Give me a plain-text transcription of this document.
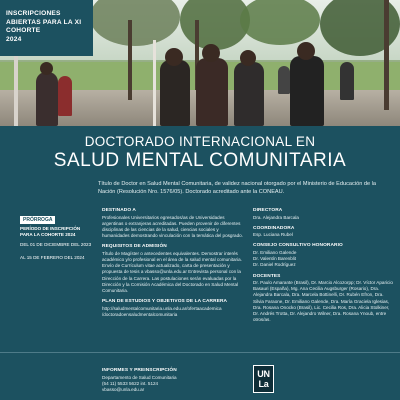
INSCRIPCIONES
ABIERTAS PARA LA XI COHORTE
2024
DOCTORADO INTERNACIONAL EN
SALUD MENTAL COMUNITARIA
Título de Doctor en Salud Mental Comunitaria, de validez nacional otorgado por el Ministerio de Educación de la Nación (Resolución Nro. 1576/05). Doctorado acreditado ante la CONEAU.
PRÓRROGA
PERÍODO DE INSCRIPCIÓN PARA LA COHORTE 2024
DEL 01 DE DICIEMBRE DEL 2023
AL 15 DE FEBRERO DEL 2024
DESTINADO A
Profesionales Universitarios egresados/as de Universidades argentinas o extranjeras acreditadas. Pueden provenir de diferentes disciplinas de las ciencias de la salud, ciencias sociales y humanidades demostrando vinculación con la temática del posgrado.
REQUISITOS DE ADMISIÓN
Título de Magíster o antecedentes equivalentes. Demostrar interés académico y/o profesional en el área de la salud mental comunitaria. Envío de Currículum vitae actualizado, carta de presentación y propuesta de tesis a vbasso@unla.edu.ar Entrevista personal con la Dirección de la Carrera. Las postulaciones serán evaluadas por la Dirección y la Comisión Académica del Doctorado en Salud Mental Comunitaria.
PLAN DE ESTUDIOS Y OBJETIVOS DE LA CARRERA
http://saludmentalcomunitaria.unla.edu.ar/ofertaacademica /doctoradoensaludmentalcomunitaria
DIRECTORA
Dra. Alejandra Barcala
COORDINADORA
Esp. Luciana Rubel
CONSEJO CONSULTIVO HONORARIO
Dr. Emiliano Galende
Dr. Valentín Barenblit
Dr. Daniel Rodríguez
DOCENTES
Dr. Paulo Amarante (Brasil), Dr. Marcio Alcozorpp; Dr. Víctor Aparicio Basauri (España), Mg. Ana Cecilia Augsburger (Rosario), Dra. Alejandra Barcala, Dra. Marcela Bottinelli, Dr. Rubén Efron, Dra. Silvia Faraone, Dr. Emiliano Galende, Dra. María Graciela Iglesias, Dra. Rosana Onocko (Brasil), Lic. Cecilia Ros, Dra. Alicia Stolkiner, Dr. Andrés Trotta, Dr. Alejandro Wilner, Dra. Rosana Ynoub, entre otros/as.
INFORMES Y PREINSCRIPCIÓN
Departamento de Salud Comunitaria
(54 11) 5533 5622 int. 5124
vbasso@unla.edu.ar
UN
La
